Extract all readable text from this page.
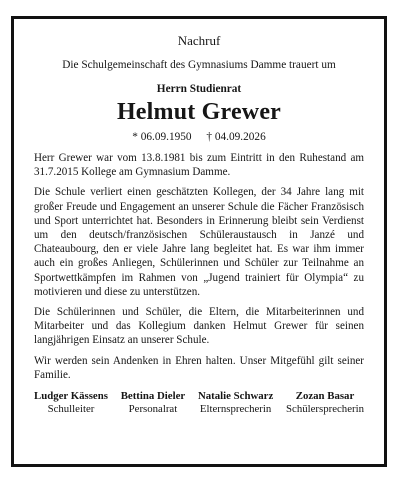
Nachruf
Die Schulgemeinschaft des Gymnasiums Damme trauert um
Herrn Studienrat
Helmut Grewer
* 06.09.1950 † 04.09.2026

Herr Grewer war vom 13.8.1981 bis zum Eintritt in den Ruhestand am 31.7.2015 Kollege am Gymnasium Damme.

Die Schule verliert einen geschätzten Kollegen, der 34 Jahre lang mit großer Freude und Engagement an unserer Schule die Fächer Französisch und Sport unterrichtet hat. Besonders in Erinnerung bleibt sein Verdienst um den deutsch/französischen Schüleraustausch in Janzé und Chateaubourg, den er viele Jahre lang begleitet hat. Es war ihm immer auch ein großes Anliegen, Schülerinnen und Schüler zur Teilnahme an Sportwettkämpfen im Rahmen von „Jugend trainiert für Olympia“ zu motivieren und diese zu unterstützen.

Die Schülerinnen und Schüler, die Eltern, die Mitarbeiterinnen und Mitarbeiter und das Kollegium danken Helmut Grewer für seinen langjährigen Einsatz an unserer Schule.

Wir werden sein Andenken in Ehren halten. Unser Mitgefühl gilt seiner Familie.

Ludger Kässens
Schulleiter
Bettina Dieler
Personalrat
Natalie Schwarz
Elternsprecherin
Zozan Basar
Schülersprecherin
